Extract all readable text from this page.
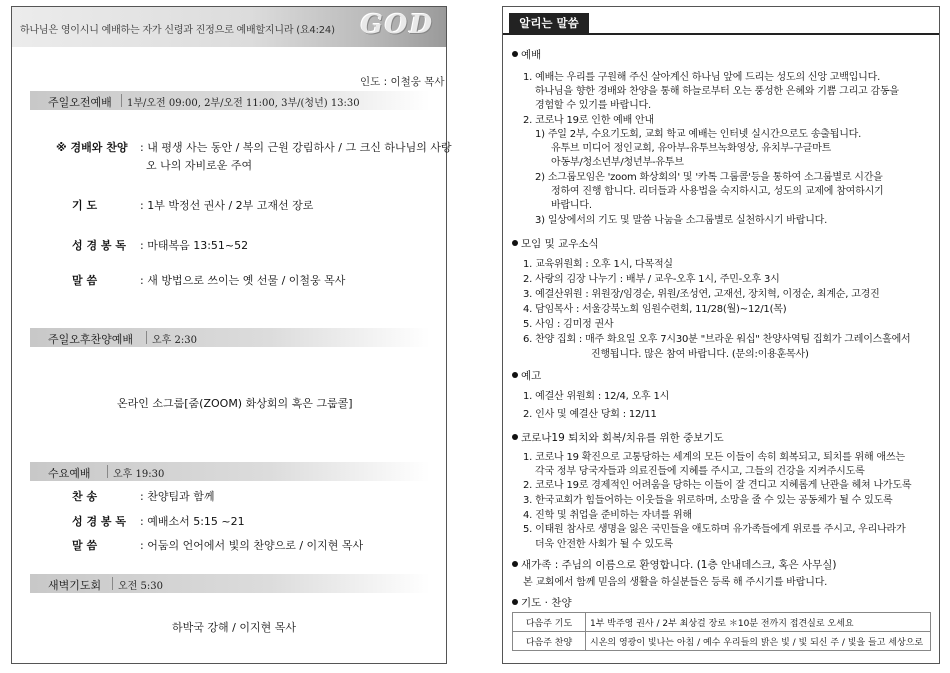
하나님은 영이시니 예배하는 자가 신령과 진정으로 예배할지니라 (요4:24) GOD
인도 : 이철웅 목사
주일오전예배 1부/오전 09:00, 2부/오전 11:00, 3부/(청년) 13:30
※ 경배와 찬양 : 내 평생 사는 동안 / 복의 근원 강림하사 / 그 크신 하나님의 사랑
오 나의 자비로운 주여
기 도	: 1부 박정선 권사 / 2부 고재선 장로
성 경 봉 독 : 마태복음 13:51~52
말 씀	: 새 방법으로 쓰이는 옛 선물 / 이철웅 목사
주일오후찬양예배 오후 2:30
온라인 소그룹[줌(ZOOM) 화상회의 혹은 그룹콜]
수요예배 오후 19:30
찬 송	: 찬양팀과 함께
성 경 봉 독 : 예배소서 5:15 ~21
말 씀	: 어둠의 언어에서 빛의 찬양으로 / 이지현 목사
새벽기도회 오전 5:30
하박국 강해 / 이지현 목사
알리는 말씀
예배
1. 예배는 우리를 구원해 주신 살아계신 하나님 앞에 드리는 성도의 신앙 고백입니다.
하나님을 향한 경배와 찬양을 통해 하늘로부터 오는 풍성한 은혜와 기쁨 그리고 감동을
경험할 수 있기를 바랍니다.
2. 코로나 19로 인한 예배 안내
1) 주일 2부, 수요기도회, 교회 학교 예배는 인터넷 실시간으로도 송출됩니다.
유투브 미디어 정인교회, 유아부-유투브녹화영상, 유치부-구글마트
아동부/청소년부/청년부-유투브
2) 소그룹모임은 'zoom 화상회의' 및 '카톡 그룹콜'등을 통하여 소그룹별로 시간을
정하여 진행 합니다. 리더들과 사용법을 숙지하시고, 성도의 교제에 참여하시기
바랍니다.
3) 일상에서의 기도 및 말씀 나눔을 소그룹별로 실천하시기 바랍니다.
모임 및 교우소식
1. 교육위원회 : 오후 1시, 다목적실
2. 사랑의 김장 나누기 : 배부 / 교우-오후 1시, 주민-오후 3시
3. 예결산위원 : 위원장/임경순, 위원/조성연, 고재선, 장치혁, 이정순, 최계순, 고경진
4. 담임목사 : 서울강북노회 임원수련회, 11/28(월)~12/1(목)
5. 사임 : 김미정 권사
6. 찬양 집회 : 매주 화요일 오후 7시30분 "브라운 워십" 찬양사역팀 집회가 그레이스홀에서
진행됩니다. 많은 참여 바랍니다. (문의:이용훈목사)
예고
1. 예결산 위원회 : 12/4, 오후 1시
2. 인사 및 예결산 당회 : 12/11
코로나19 퇴치와 회복/치유를 위한 중보기도
1. 코로나 19 확진으로 고통당하는 세계의 모든 이들이 속히 회복되고, 퇴치를 위해 애쓰는
각국 정부 당국자들과 의료진들에 지혜를 주시고, 그들의 건강을 지켜주시도록
2. 코로나 19로 경제적인 어려움을 당하는 이들이 잘 견디고 지혜롭게 난관을 헤쳐 나가도록
3. 한국교회가 힘들어하는 이웃들을 위로하며, 소망을 줄 수 있는 공동체가 될 수 있도록
4. 진학 및 취업을 준비하는 자녀를 위해
5. 이태원 참사로 생명을 잃은 국민들을 애도하며 유가족들에게 위로를 주시고, 우리나라가
더욱 안전한 사회가 될 수 있도록
새가족 : 주님의 이름으로 환영합니다. (1층 안내데스크, 혹은 사무실)
본 교회에서 함께 믿음의 생활을 하실분들은 등록 해 주시기를 바랍니다.
기도 · 찬양
다음주 기도	1부 박주영 권사 / 2부 최상걸 장로 ＊10분 전까지 접견실로 오세요
다음주 찬양	시온의 영광이 빛나는 아침 / 예수 우리들의 밝은 빛 / 빛 되신 주 / 빛을 들고 세상으로
